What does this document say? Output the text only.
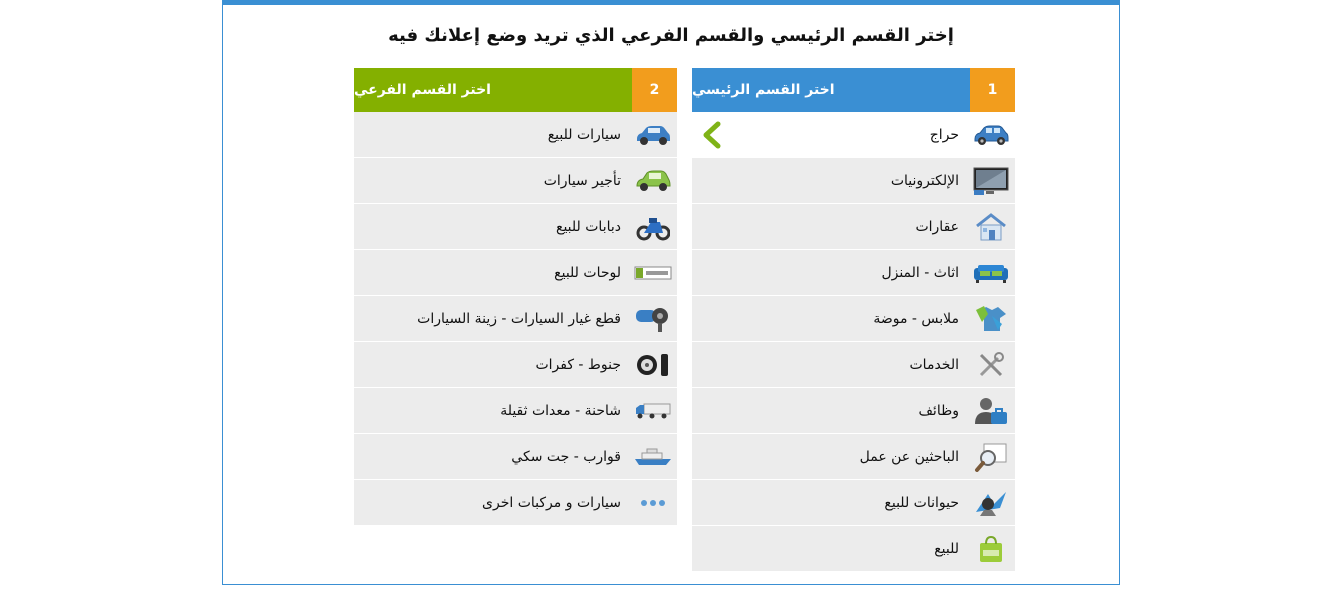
إختر القسم الرئيسي والقسم الفرعي الذي تريد وضع إعلانك فيه
1
اختر القسم الرئيسي
حراج
الإلكترونيات
عقارات
اثاث - المنزل
ملابس - موضة
الخدمات
وظائف
الباحثين عن عمل
حيوانات للبيع
للبيع
2
اختر القسم الفرعي
سيارات للبيع
تأجير سيارات
دبابات للبيع
لوحات للبيع
قطع غيار السيارات - زينة السيارات
جنوط - كفرات
شاحنة - معدات ثقيلة
قوارب - جت سكي
سيارات و مركبات اخرى
